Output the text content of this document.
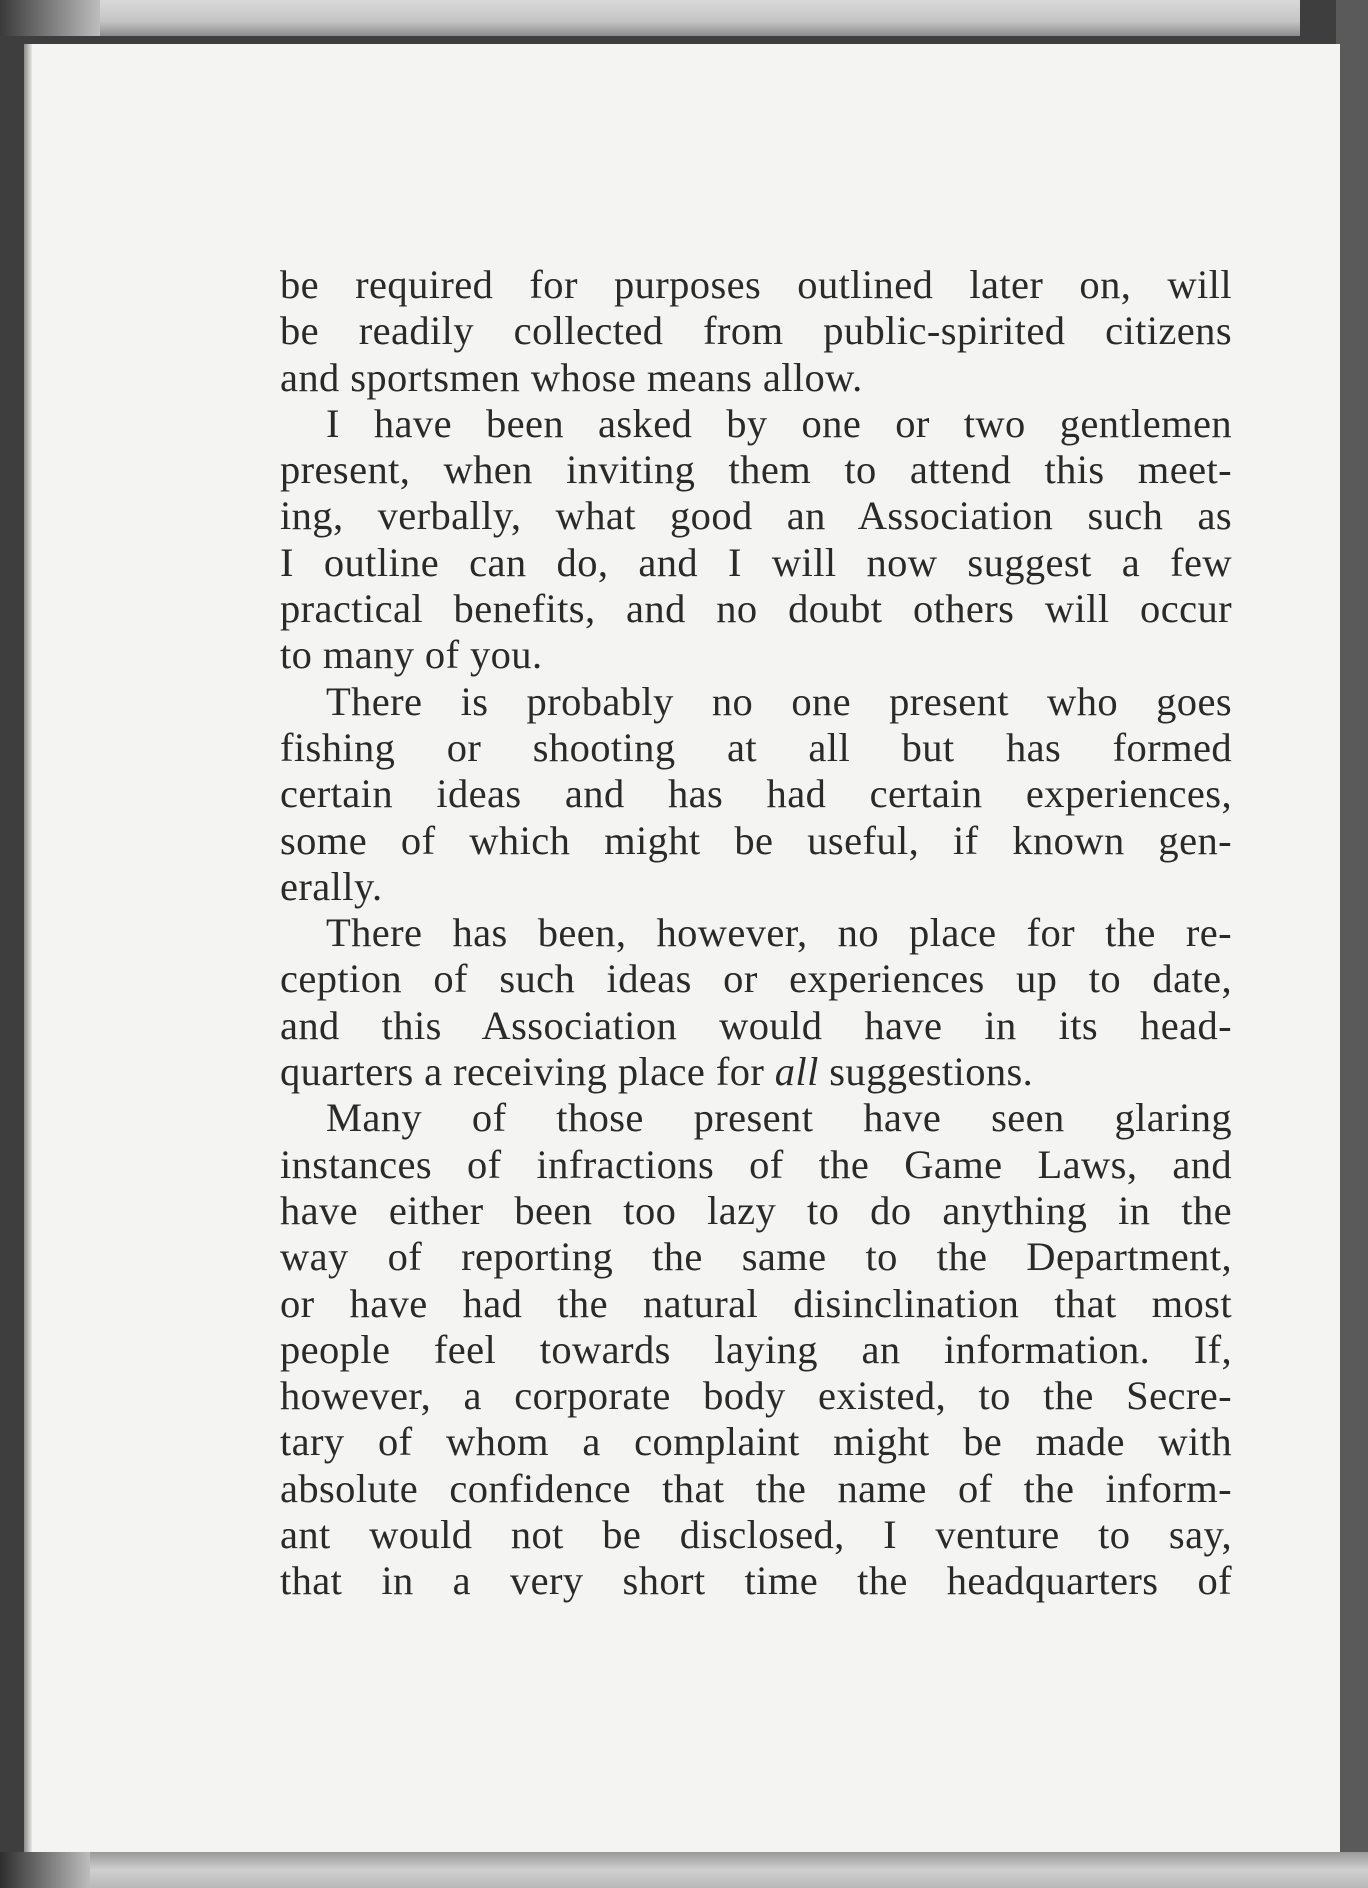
be required for purposes outlined later on, will
be readily collected from public-spirited citizens
and sportsmen whose means allow.

I have been asked by one or two gentlemen
present, when inviting them to attend this meet-
ing, verbally, what good an Association such as
I outline can do, and I will now suggest a few
practical benefits, and no doubt others will occur
to many of you.

There is probably no one present who goes
fishing or shooting at all but has formed
certain ideas and has had certain experiences,
some of which might be useful, if known gen-
erally.

There has been, however, no place for the re-
ception of such ideas or experiences up to date,
and this Association would have in its head-
quarters a receiving place for all suggestions.

Many of those present have seen glaring
instances of infractions of the Game Laws, and
have either been too lazy to do anything in the
way of reporting the same to the Department,
or have had the natural disinclination that most
people feel towards laying an information. If,
however, a corporate body existed, to the Secre-
tary of whom a complaint might be made with
absolute confidence that the name of the inform-
ant would not be disclosed, I venture to say,
that in a very short time the headquarters of
